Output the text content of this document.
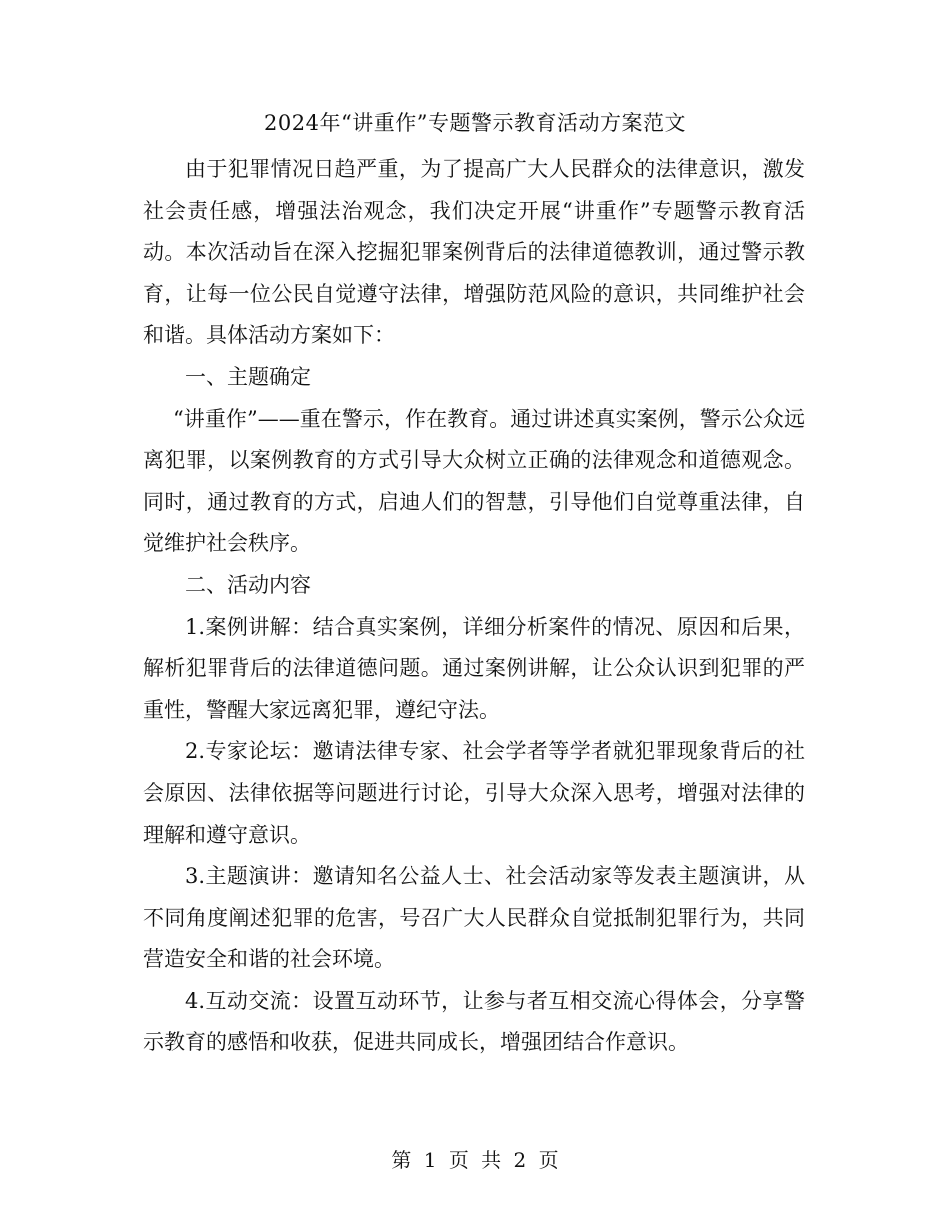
2024年“讲重作”专题警示教育活动方案范文

由于犯罪情况日趋严重，为了提高广大人民群众的法律意识，激发社会责任感，增强法治观念，我们决定开展“讲重作”专题警示教育活动。本次活动旨在深入挖掘犯罪案例背后的法律道德教训，通过警示教育，让每一位公民自觉遵守法律，增强防范风险的意识，共同维护社会和谐。具体活动方案如下：

一、主题确定

“讲重作”——重在警示，作在教育。通过讲述真实案例，警示公众远离犯罪，以案例教育的方式引导大众树立正确的法律观念和道德观念。同时，通过教育的方式，启迪人们的智慧，引导他们自觉尊重法律，自觉维护社会秩序。

二、活动内容

1.案例讲解：结合真实案例，详细分析案件的情况、原因和后果，解析犯罪背后的法律道德问题。通过案例讲解，让公众认识到犯罪的严重性，警醒大家远离犯罪，遵纪守法。

2.专家论坛：邀请法律专家、社会学者等学者就犯罪现象背后的社会原因、法律依据等问题进行讨论，引导大众深入思考，增强对法律的理解和遵守意识。

3.主题演讲：邀请知名公益人士、社会活动家等发表主题演讲，从不同角度阐述犯罪的危害，号召广大人民群众自觉抵制犯罪行为，共同营造安全和谐的社会环境。

4.互动交流：设置互动环节，让参与者互相交流心得体会，分享警示教育的感悟和收获，促进共同成长，增强团结合作意识。

第 1 页 共 2 页
